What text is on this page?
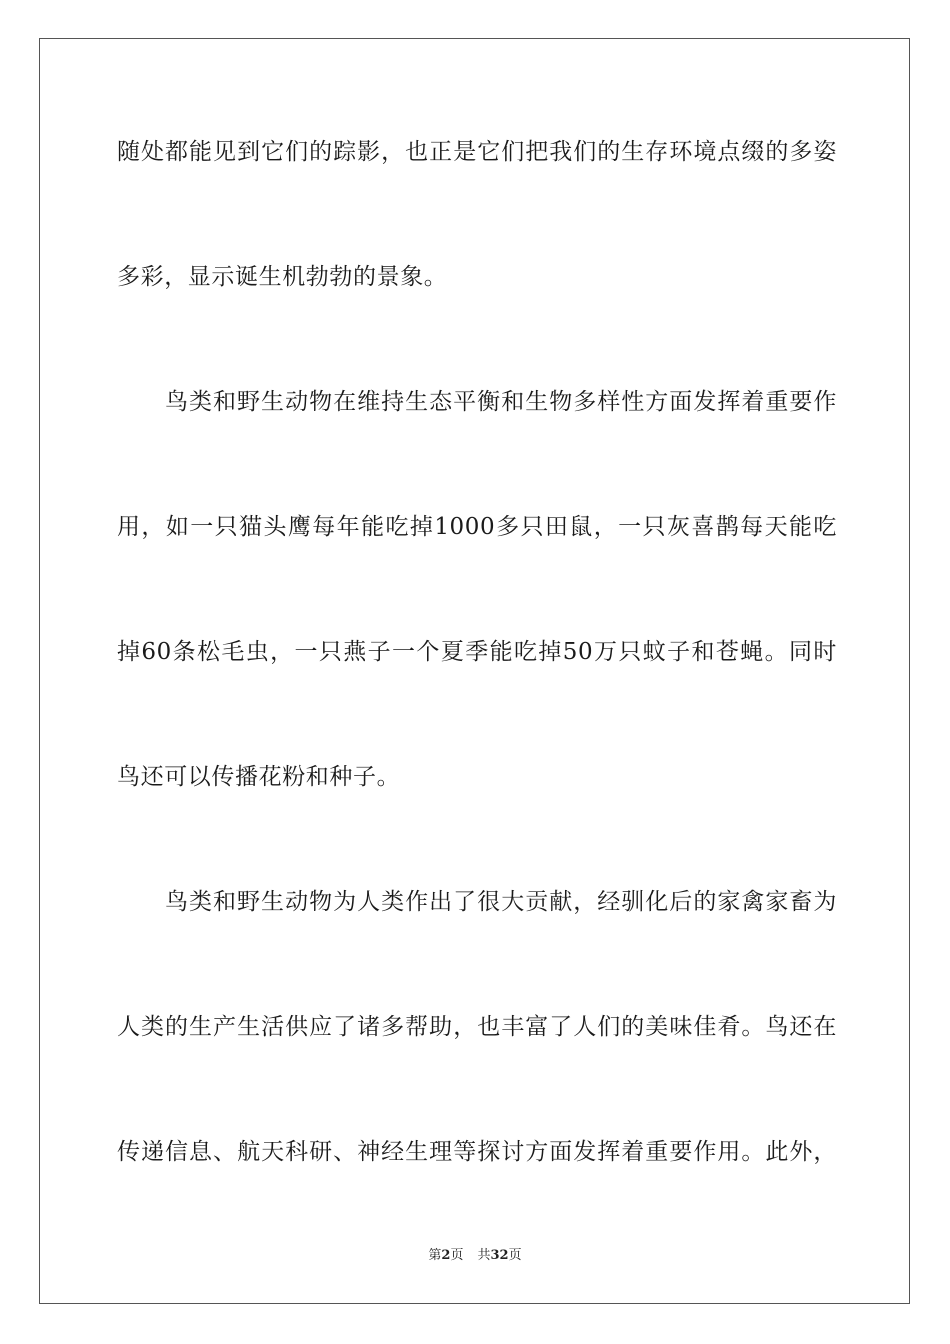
随处都能见到它们的踪影，也正是它们把我们的生存环境点缀的多姿
多彩，显示诞生机勃勃的景象。
鸟类和野生动物在维持生态平衡和生物多样性方面发挥着重要作
用，如一只猫头鹰每年能吃掉1000多只田鼠，一只灰喜鹊每天能吃
掉60条松毛虫，一只燕子一个夏季能吃掉50万只蚊子和苍蝇。同时
鸟还可以传播花粉和种子。
鸟类和野生动物为人类作出了很大贡献，经驯化后的家禽家畜为
人类的生产生活供应了诸多帮助，也丰富了人们的美味佳肴。鸟还在
传递信息、航天科研、神经生理等探讨方面发挥着重要作用。此外，
第2页 共32页
